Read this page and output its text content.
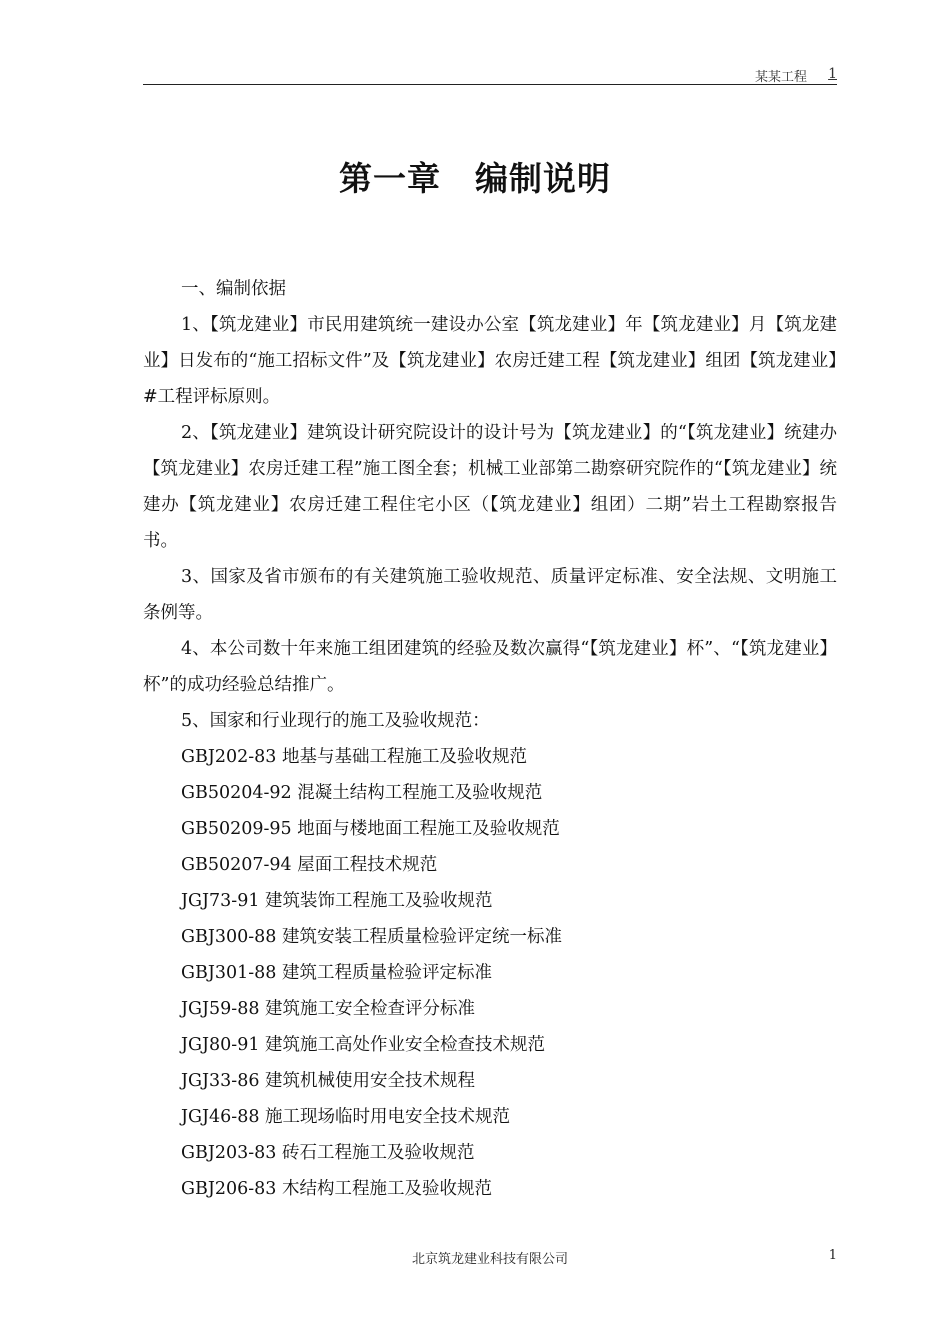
某某工程 1
第一章　编制说明

一、编制依据

1、【筑龙建业】市民用建筑统一建设办公室【筑龙建业】年【筑龙建业】月【筑龙建业】日发布的“施工招标文件”及【筑龙建业】农房迁建工程【筑龙建业】组团【筑龙建业】#工程评标原则。

2、【筑龙建业】建筑设计研究院设计的设计号为【筑龙建业】的“【筑龙建业】统建办【筑龙建业】农房迁建工程”施工图全套；机械工业部第二勘察研究院作的“【筑龙建业】统建办【筑龙建业】农房迁建工程住宅小区（【筑龙建业】组团）二期”岩土工程勘察报告书。

3、国家及省市颁布的有关建筑施工验收规范、质量评定标准、安全法规、文明施工条例等。

4、本公司数十年来施工组团建筑的经验及数次赢得“【筑龙建业】杯”、“【筑龙建业】杯”的成功经验总结推广。

5、国家和行业现行的施工及验收规范：

GBJ202-83 地基与基础工程施工及验收规范

GB50204-92 混凝土结构工程施工及验收规范

GB50209-95 地面与楼地面工程施工及验收规范

GB50207-94 屋面工程技术规范

JGJ73-91 建筑装饰工程施工及验收规范

GBJ300-88 建筑安装工程质量检验评定统一标准

GBJ301-88 建筑工程质量检验评定标准

JGJ59-88 建筑施工安全检查评分标准

JGJ80-91 建筑施工高处作业安全检查技术规范

JGJ33-86 建筑机械使用安全技术规程

JGJ46-88 施工现场临时用电安全技术规范

GBJ203-83 砖石工程施工及验收规范

GBJ206-83 木结构工程施工及验收规范

北京筑龙建业科技有限公司	1
